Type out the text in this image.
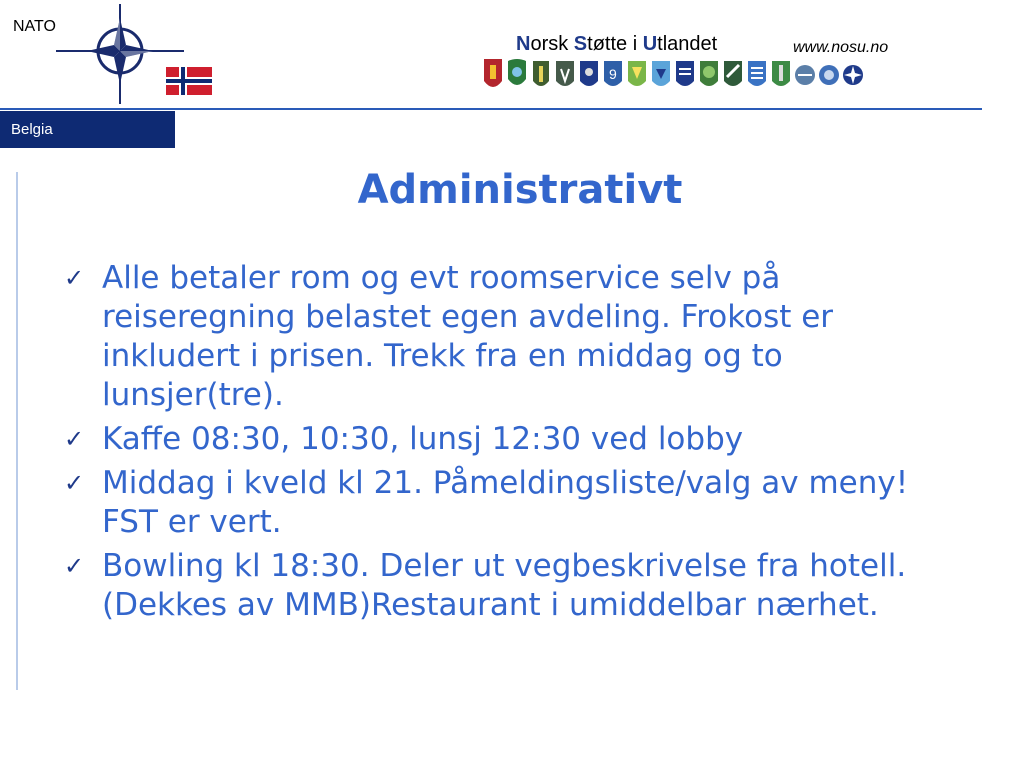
NATO
Norsk Støtte i Utlandet	www.nosu.no
9
Belgia
Administrativt
✓ Alle betaler rom og evt roomservice selv på reiseregning belastet egen avdeling. Frokost er inkludert i prisen. Trekk fra en middag og to lunsjer(tre).
✓ Kaffe 08:30, 10:30, lunsj 12:30 ved lobby
✓ Middag i kveld kl 21. Påmeldingsliste/valg av meny! FST er vert.
✓ Bowling kl 18:30. Deler ut vegbeskrivelse fra hotell. (Dekkes av MMB)Restaurant i umiddelbar nærhet.
